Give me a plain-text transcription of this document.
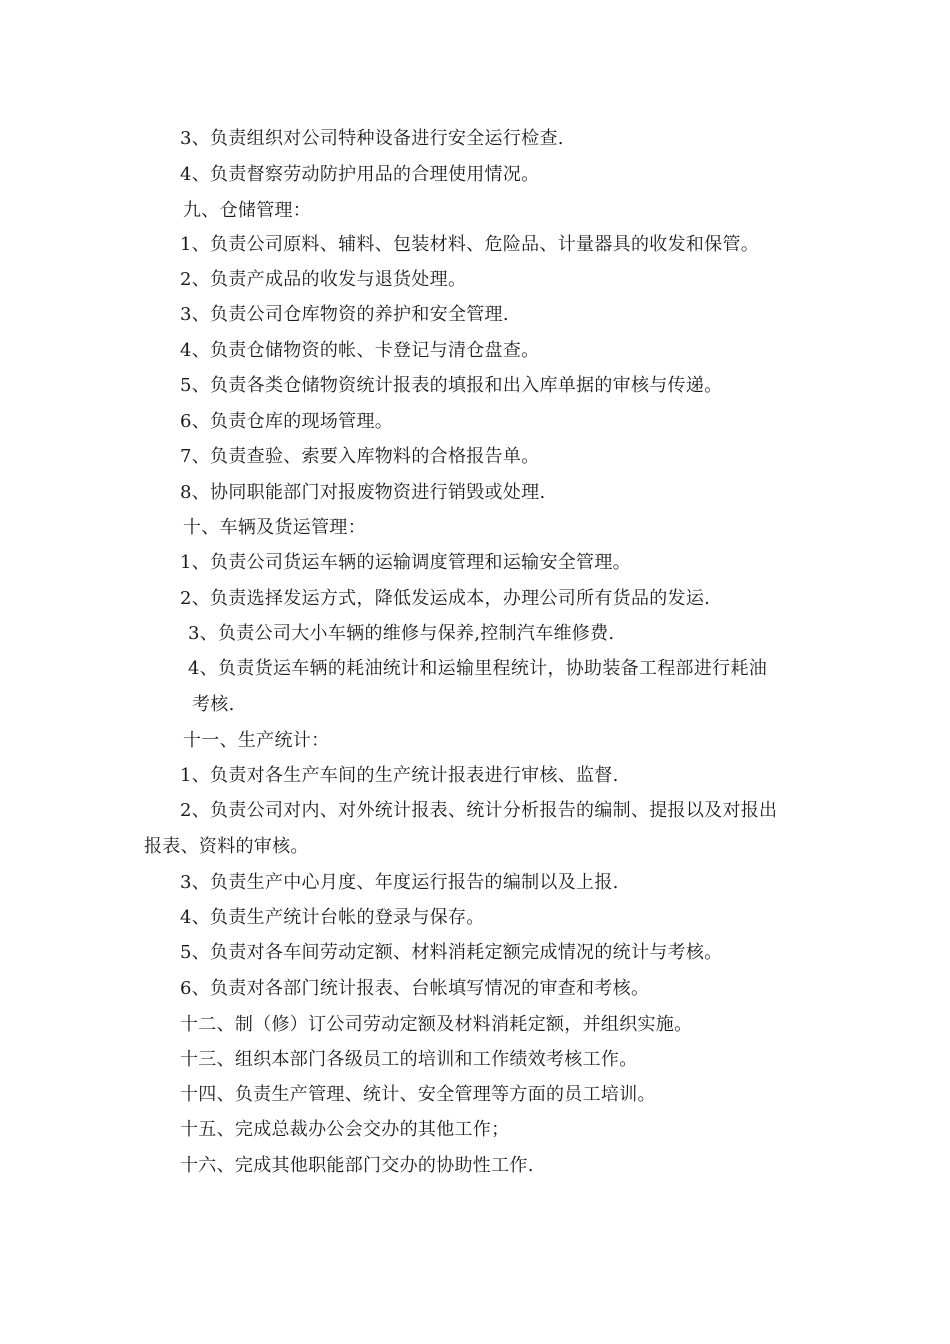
3、负责组织对公司特种设备进行安全运行检查.

4、负责督察劳动防护用品的合理使用情况。

九、仓储管理：

1、负责公司原料、辅料、包装材料、危险品、计量器具的收发和保管。

2、负责产成品的收发与退货处理。

3、负责公司仓库物资的养护和安全管理.

4、负责仓储物资的帐、卡登记与清仓盘查。

5、负责各类仓储物资统计报表的填报和出入库单据的审核与传递。

6、负责仓库的现场管理。

7、负责查验、索要入库物料的合格报告单。

8、协同职能部门对报废物资进行销毁或处理.

十、车辆及货运管理：

1、负责公司货运车辆的运输调度管理和运输安全管理。

2、负责选择发运方式，降低发运成本，办理公司所有货品的发运.

3、负责公司大小车辆的维修与保养,控制汽车维修费.

4、负责货运车辆的耗油统计和运输里程统计，协助装备工程部进行耗油

考核.

十一、生产统计：

1、负责对各生产车间的生产统计报表进行审核、监督.

2、负责公司对内、对外统计报表、统计分析报告的编制、提报以及对报出

报表、资料的审核。

3、负责生产中心月度、年度运行报告的编制以及上报.

4、负责生产统计台帐的登录与保存。

5、负责对各车间劳动定额、材料消耗定额完成情况的统计与考核。

6、负责对各部门统计报表、台帐填写情况的审查和考核。

十二、制（修）订公司劳动定额及材料消耗定额，并组织实施。

十三、组织本部门各级员工的培训和工作绩效考核工作。

十四、负责生产管理、统计、安全管理等方面的员工培训。

十五、完成总裁办公会交办的其他工作；

十六、完成其他职能部门交办的协助性工作.
